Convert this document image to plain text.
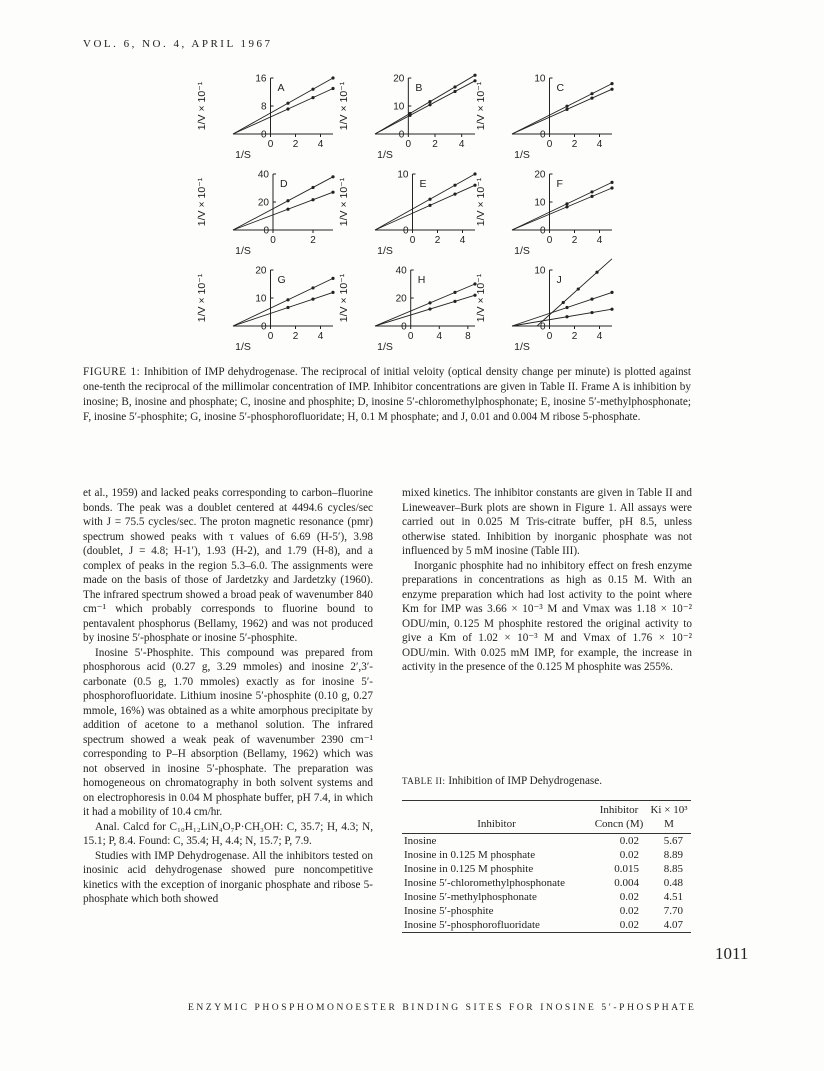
VOL. 6, NO. 4, APRIL 1967
0 2 4
0
8
16
A
1/S
1/V × 10⁻¹
0 2 4
0
10
20
B
1/S
1/V × 10⁻¹
0 2 4
0
10
C
1/S
1/V × 10⁻¹
0	2
0
20
40
D
1/S
1/V × 10⁻¹
0 2 4
0
10
E
1/S
1/V × 10⁻¹
0 2 4
0
10
20
F
1/S
1/V × 10⁻¹
0 2 4
0
10
20
G
1/S
1/V × 10⁻¹
0 4 8
0
20
40
H
1/S
1/V × 10⁻¹
0 2 4
0
10
J
1/S
1/V × 10⁻¹
FIGURE 1: Inhibition of IMP dehydrogenase. The reciprocal of initial veloity (optical density change per minute) is plotted against one-tenth the reciprocal of the millimolar concentration of IMP. Inhibitor concentrations are given in Table II. Frame A is inhibition by inosine; B, inosine and phosphate; C, inosine and phosphite; D, inosine 5′-chloromethylphosphonate; E, inosine 5′-methylphosphonate; F, inosine 5′-phosphite; G, inosine 5′-phosphorofluoridate; H, 0.1 M phosphate; and J, 0.01 and 0.004 M ribose 5-phosphate.

et al., 1959) and lacked peaks corresponding to carbon–fluorine bonds. The peak was a doublet centered at 4494.6 cycles/sec with J = 75.5 cycles/sec. The proton magnetic resonance (pmr) spectrum showed peaks with τ values of 6.69 (H-5′), 3.98 (doublet, J = 4.8; H-1′), 1.93 (H-2), and 1.79 (H-8), and a complex of peaks in the region 5.3–6.0. The assignments were made on the basis of those of Jardetzky and Jardetzky (1960). The infrared spectrum showed a broad peak of wavenumber 840 cm⁻¹ which probably corresponds to fluorine bound to pentavalent phosphorus (Bellamy, 1962) and was not produced by inosine 5′-phosphate or inosine 5′-phosphite.

Inosine 5′-Phosphite. This compound was prepared from phosphorous acid (0.27 g, 3.29 mmoles) and inosine 2′,3′-carbonate (0.5 g, 1.70 mmoles) exactly as for inosine 5′-phosphorofluoridate. Lithium inosine 5′-phosphite (0.10 g, 0.27 mmole, 16%) was obtained as a white amorphous precipitate by addition of acetone to a methanol solution. The infrared spectrum showed a weak peak of wavenumber 2390 cm⁻¹ corresponding to P–H absorption (Bellamy, 1962) which was not observed in inosine 5′-phosphate. The preparation was homogeneous on chromatography in both solvent systems and on electrophoresis in 0.04 M phosphate buffer, pH 7.4, in which it had a mobility of 10.4 cm/hr.

Anal. Calcd for C₁₀H₁₂LiN₄O₇P·CH₃OH: C, 35.7; H, 4.3; N, 15.1; P, 8.4. Found: C, 35.4; H, 4.4; N, 15.7; P, 7.9.

Studies with IMP Dehydrogenase. All the inhibitors tested on inosinic acid dehydrogenase showed pure noncompetitive kinetics with the exception of inorganic phosphate and ribose 5-phosphate which both showed

mixed kinetics. The inhibitor constants are given in Table II and Lineweaver–Burk plots are shown in Figure 1. All assays were carried out in 0.025 M Tris-citrate buffer, pH 8.5, unless otherwise stated. Inhibition by inorganic phosphate was not influenced by 5 mM inosine (Table III).

Inorganic phosphite had no inhibitory effect on fresh enzyme preparations in concentrations as high as 0.15 M. With an enzyme preparation which had lost activity to the point where Km for IMP was 3.66 × 10⁻³ M and Vmax was 1.18 × 10⁻² ODU/min, 0.125 M phosphite restored the original activity to give a Km of 1.02 × 10⁻³ M and Vmax of 1.76 × 10⁻² ODU/min. With 0.025 mM IMP, for example, the increase in activity in the presence of the 0.125 M phosphite was 255%.

TABLE II: Inhibition of IMP Dehydrogenase.
Inhibitor	Inhibitor Concn (M)	Ki × 10³ M
Inosine	0.02	5.67
Inosine in 0.125 M phosphate	0.02	8.89
Inosine in 0.125 M phosphite	0.015	8.85
Inosine 5′-chloromethylphosphonate	0.004	0.48
Inosine 5′-methylphosphonate	0.02	4.51
Inosine 5′-phosphite	0.02	7.70
Inosine 5′-phosphorofluoridate	0.02	4.07
1011
ENZYMIC PHOSPHOMONOESTER BINDING SITES FOR INOSINE 5′-PHOSPHATE
